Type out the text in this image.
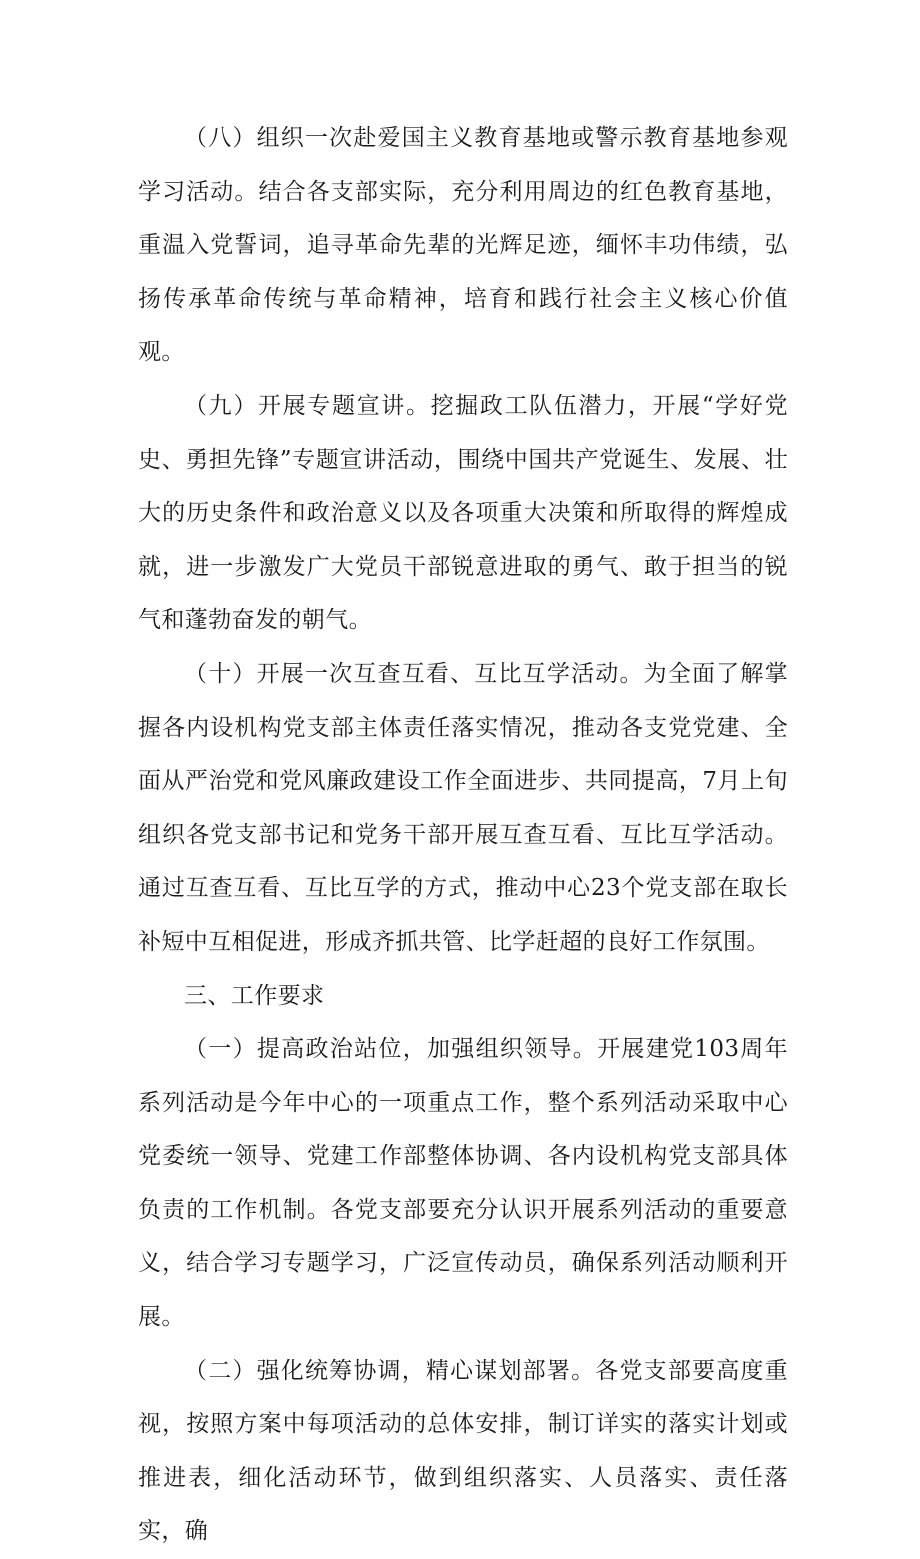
（八）组织一次赴爱国主义教育基地或警示教育基地参观学习活动。结合各支部实际，充分利用周边的红色教育基地，重温入党誓词，追寻革命先辈的光辉足迹，缅怀丰功伟绩，弘扬传承革命传统与革命精神，培育和践行社会主义核心价值观。

（九）开展专题宣讲。挖掘政工队伍潜力，开展“学好党史、勇担先锋”专题宣讲活动，围绕中国共产党诞生、发展、壮大的历史条件和政治意义以及各项重大决策和所取得的辉煌成就，进一步激发广大党员干部锐意进取的勇气、敢于担当的锐气和蓬勃奋发的朝气。

（十）开展一次互查互看、互比互学活动。为全面了解掌握各内设机构党支部主体责任落实情况，推动各支党党建、全面从严治党和党风廉政建设工作全面进步、共同提高，7月上旬组织各党支部书记和党务干部开展互查互看、互比互学活动。通过互查互看、互比互学的方式，推动中心23个党支部在取长补短中互相促进，形成齐抓共管、比学赶超的良好工作氛围。

三、工作要求

（一）提高政治站位，加强组织领导。开展建党103周年系列活动是今年中心的一项重点工作，整个系列活动采取中心党委统一领导、党建工作部整体协调、各内设机构党支部具体负责的工作机制。各党支部要充分认识开展系列活动的重要意义，结合学习专题学习，广泛宣传动员，确保系列活动顺利开展。

（二）强化统筹协调，精心谋划部署。各党支部要高度重视，按照方案中每项活动的总体安排，制订详实的落实计划或推进表，细化活动环节，做到组织落实、人员落实、责任落实，确
